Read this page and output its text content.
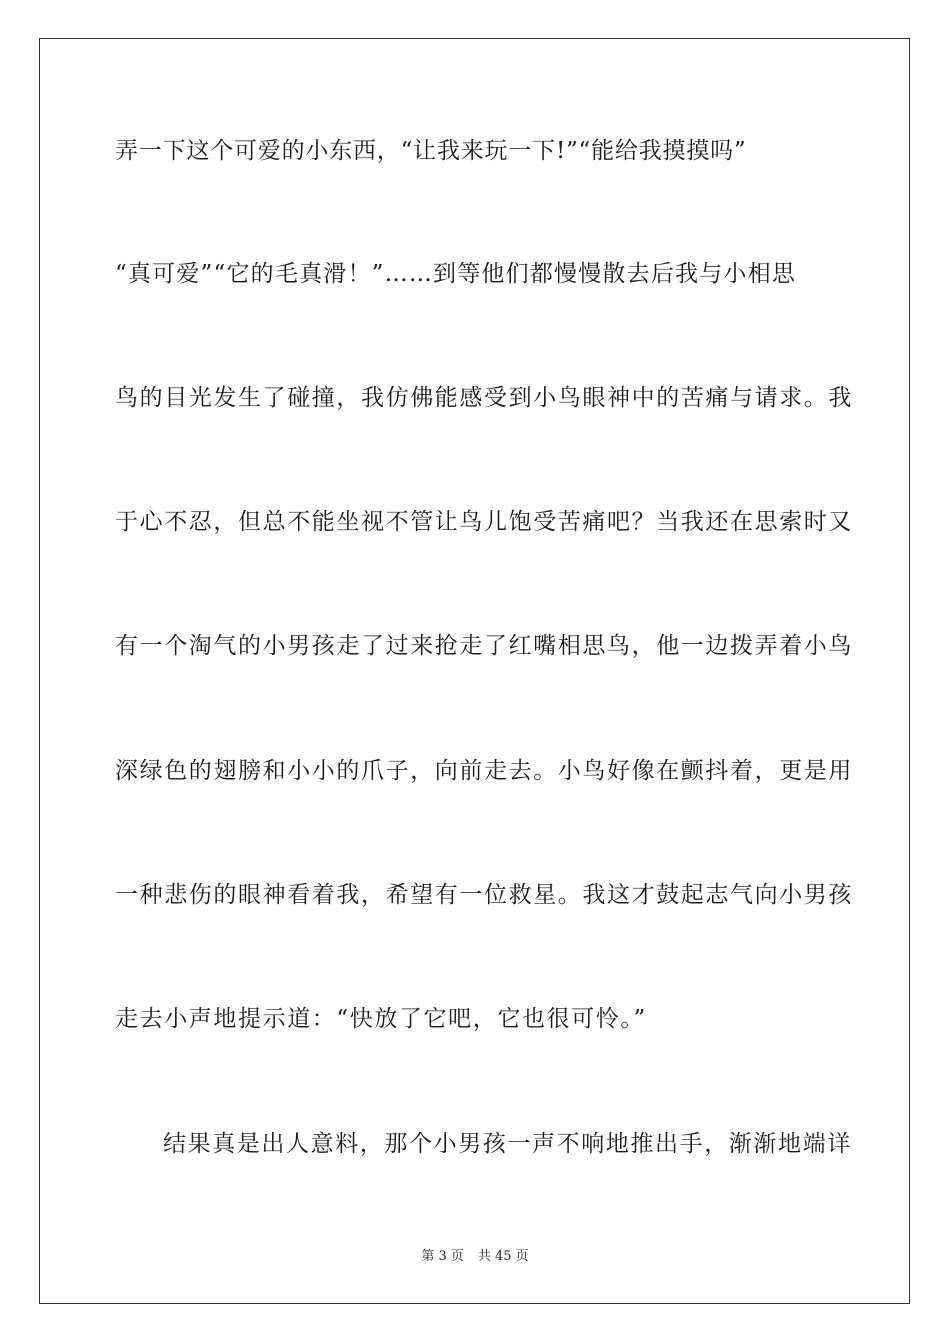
弄一下这个可爱的小东西，“让我来玩一下!”“能给我摸摸吗”
“真可爱”“它的毛真滑！”……到等他们都慢慢散去后我与小相思
鸟的目光发生了碰撞，我仿佛能感受到小鸟眼神中的苦痛与请求。我
于心不忍，但总不能坐视不管让鸟儿饱受苦痛吧？当我还在思索时又
有一个淘气的小男孩走了过来抢走了红嘴相思鸟，他一边拨弄着小鸟
深绿色的翅膀和小小的爪子，向前走去。小鸟好像在颤抖着，更是用
一种悲伤的眼神看着我，希望有一位救星。我这才鼓起志气向小男孩
走去小声地提示道：“快放了它吧，它也很可怜。”
结果真是出人意料，那个小男孩一声不响地推出手，渐渐地端详
第 3 页 共 45 页
